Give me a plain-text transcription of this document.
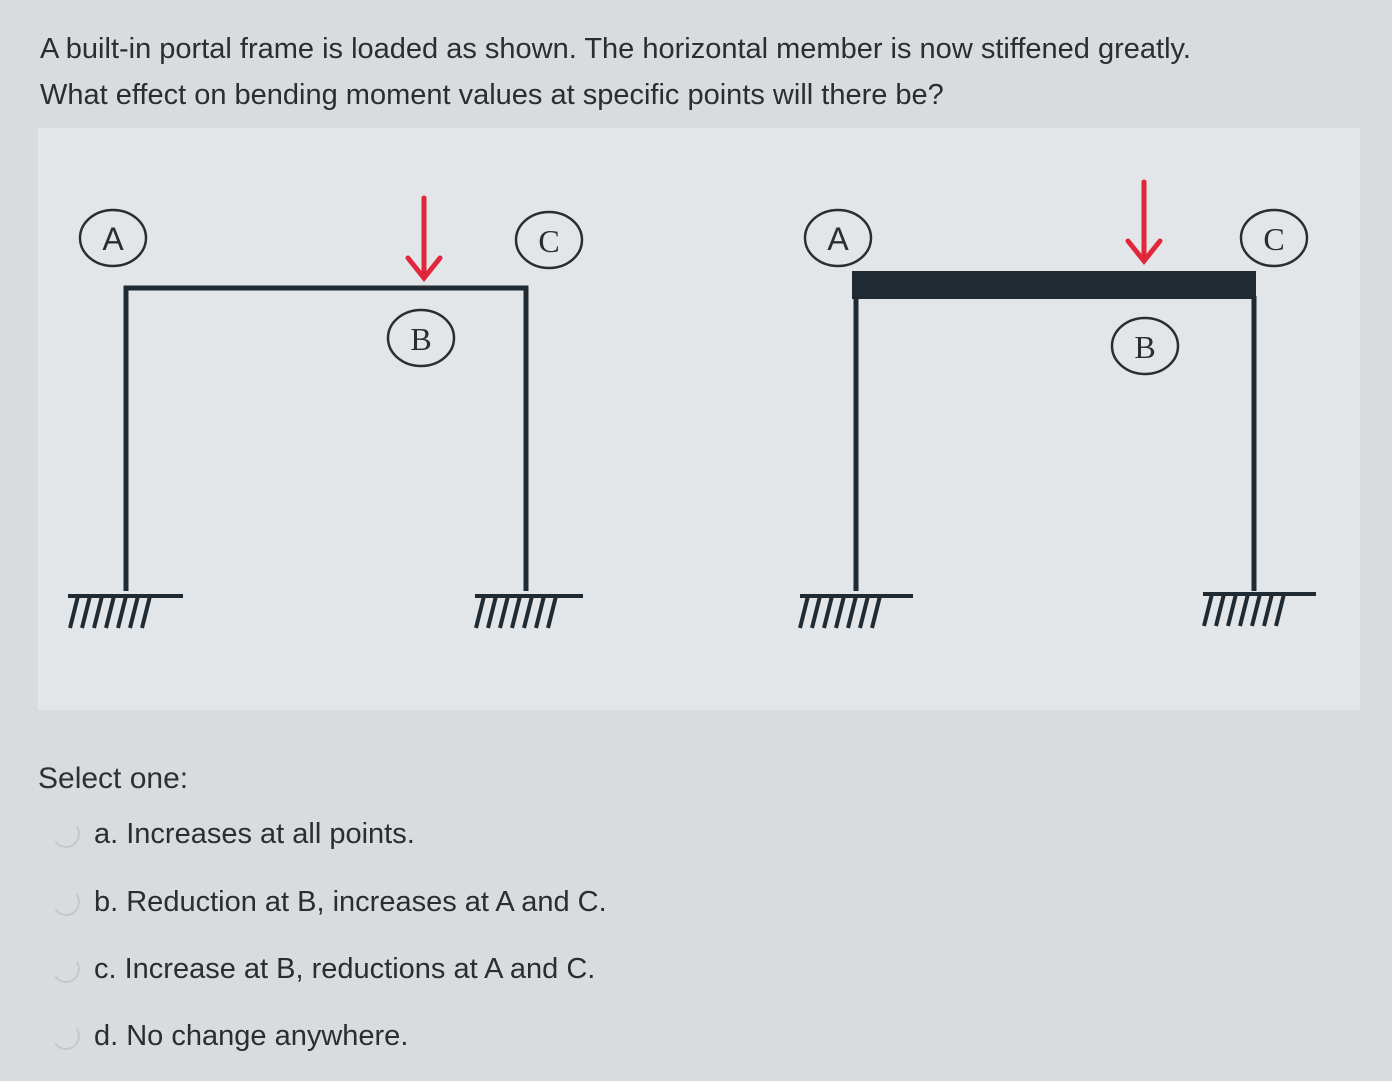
A built-in portal frame is loaded as shown. The horizontal member is now stiffened greatly.

What effect on bending moment values at specific points will there be?

A
B
C	A
B
C
Select one:
a. Increases at all points.
b. Reduction at B, increases at A and C.
c. Increase at B, reductions at A and C.
d. No change anywhere.
